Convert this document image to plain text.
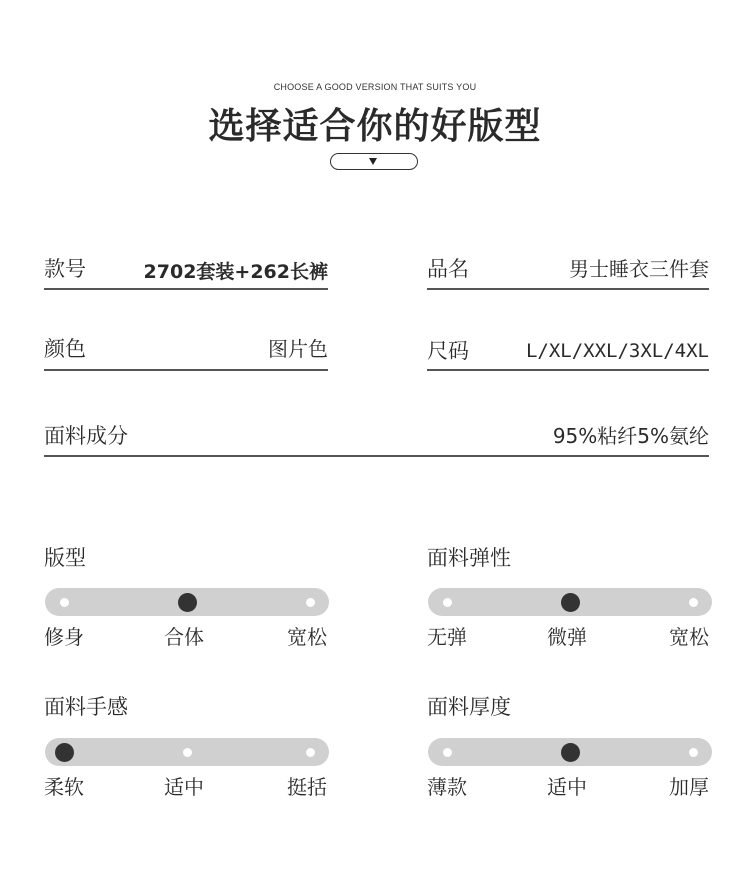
CHOOSE A GOOD VERSION THAT SUITS YOU
选择适合你的好版型
款号	2702套装+262长裤	品名	男士睡衣三件套
颜色	图片色	尺码	L/XL/XXL/3XL/4XL
面料成分	95%粘纤5%氨纶
版型
修身	合体	宽松
面料弹性
无弹	微弹	宽松
面料手感
柔软	适中	挺括
面料厚度
薄款	适中	加厚
